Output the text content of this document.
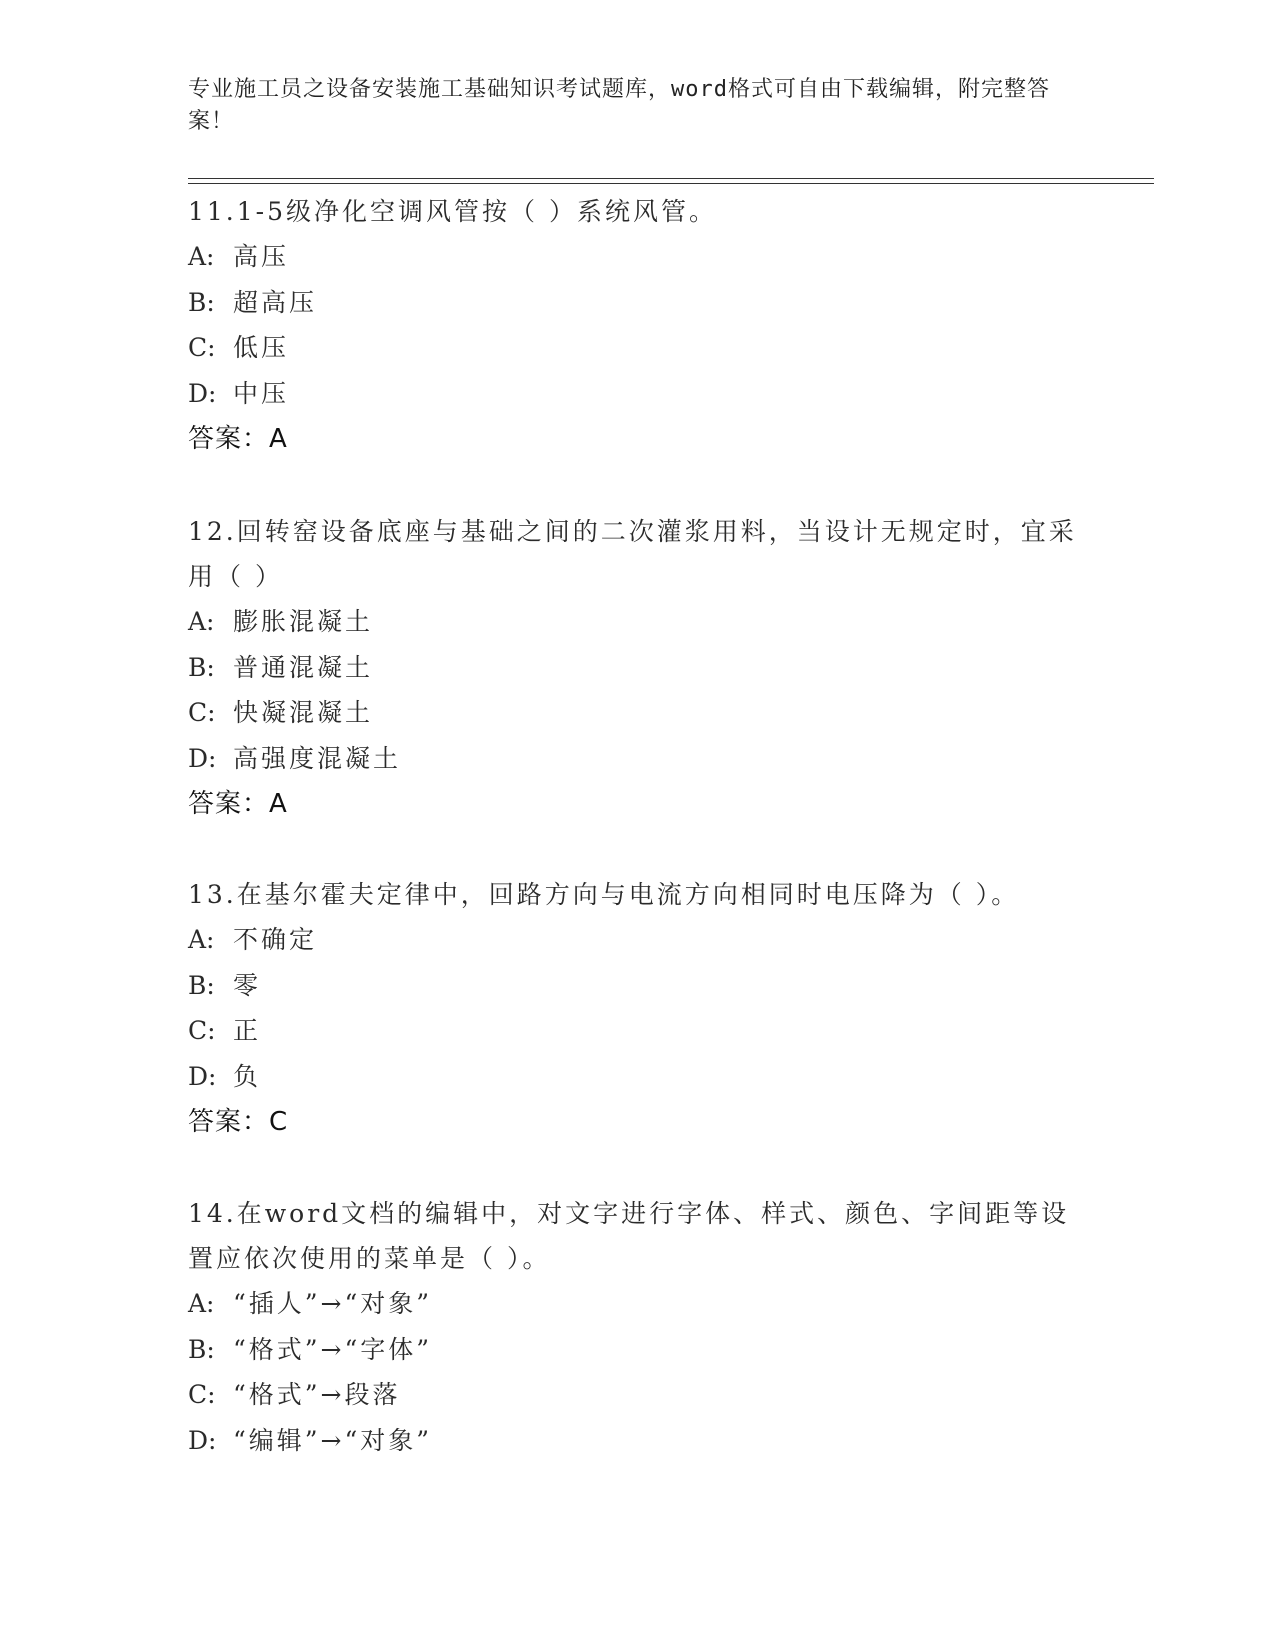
专业施工员之设备安装施工基础知识考试题库，word格式可自由下载编辑，附完整答案！
11.1-5级净化空调风管按（ ）系统风管。
A: 高压
B: 超高压
C: 低压
D: 中压
答案：A
12.回转窑设备底座与基础之间的二次灌浆用料，当设计无规定时，宜采用（ ）
A: 膨胀混凝土
B: 普通混凝土
C: 快凝混凝土
D: 高强度混凝土
答案：A
13.在基尔霍夫定律中，回路方向与电流方向相同时电压降为（ ）。
A: 不确定
B: 零
C: 正
D: 负
答案：C
14.在word文档的编辑中，对文字进行字体、样式、颜色、字间距等设置应依次使用的菜单是（ ）。
A: “插人”→“对象”
B: “格式”→“字体”
C: “格式”→段落
D: “编辑”→“对象”
